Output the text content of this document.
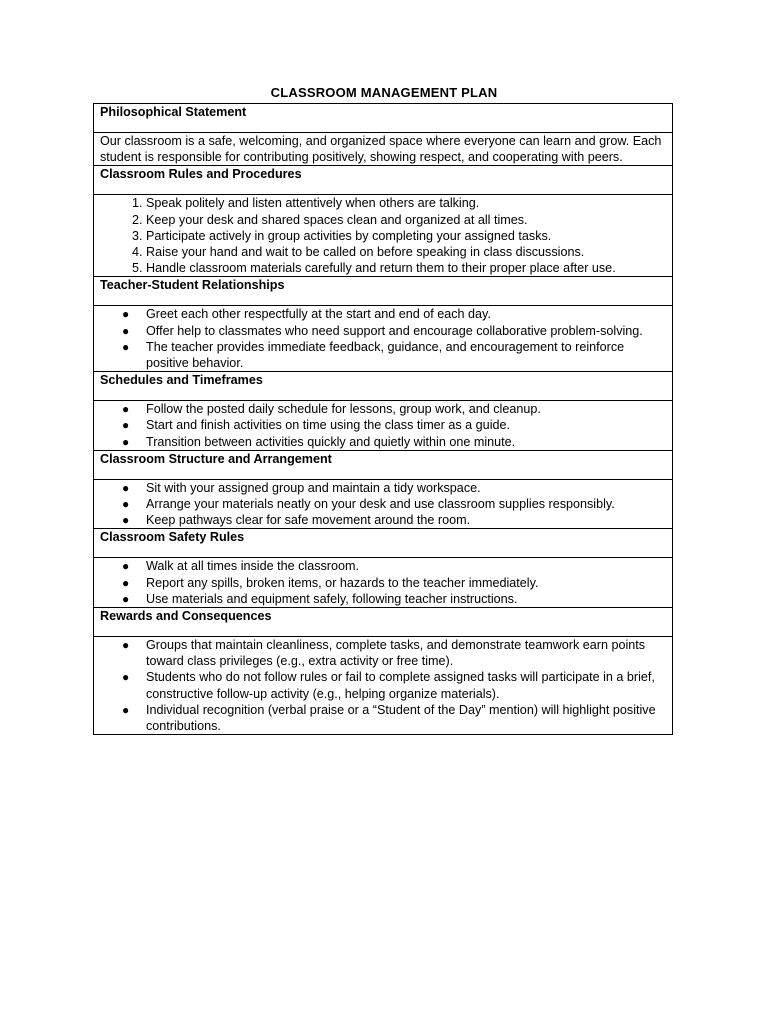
CLASSROOM MANAGEMENT PLAN
Philosophical Statement
Our classroom is a safe, welcoming, and organized space where everyone can learn and grow. Each student is responsible for contributing positively, showing respect, and cooperating with peers.
Classroom Rules and Procedures

1. Speak politely and listen attentively when others are talking.
2. Keep your desk and shared spaces clean and organized at all times.
3. Participate actively in group activities by completing your assigned tasks.
4. Raise your hand and wait to be called on before speaking in class discussions.
5. Handle classroom materials carefully and return them to their proper place after use.

Teacher-Student Relationships

● Greet each other respectfully at the start and end of each day.
● Offer help to classmates who need support and encourage collaborative problem-solving.
● The teacher provides immediate feedback, guidance, and encouragement to reinforce positive behavior.

Schedules and Timeframes

● Follow the posted daily schedule for lessons, group work, and cleanup.
● Start and finish activities on time using the class timer as a guide.
● Transition between activities quickly and quietly within one minute.

Classroom Structure and Arrangement

● Sit with your assigned group and maintain a tidy workspace.
● Arrange your materials neatly on your desk and use classroom supplies responsibly.
● Keep pathways clear for safe movement around the room.

Classroom Safety Rules

● Walk at all times inside the classroom.
● Report any spills, broken items, or hazards to the teacher immediately.
● Use materials and equipment safely, following teacher instructions.

Rewards and Consequences

● Groups that maintain cleanliness, complete tasks, and demonstrate teamwork earn points toward class privileges (e.g., extra activity or free time).
● Students who do not follow rules or fail to complete assigned tasks will participate in a brief, constructive follow-up activity (e.g., helping organize materials).
● Individual recognition (verbal praise or a “Student of the Day” mention) will highlight positive contributions.
